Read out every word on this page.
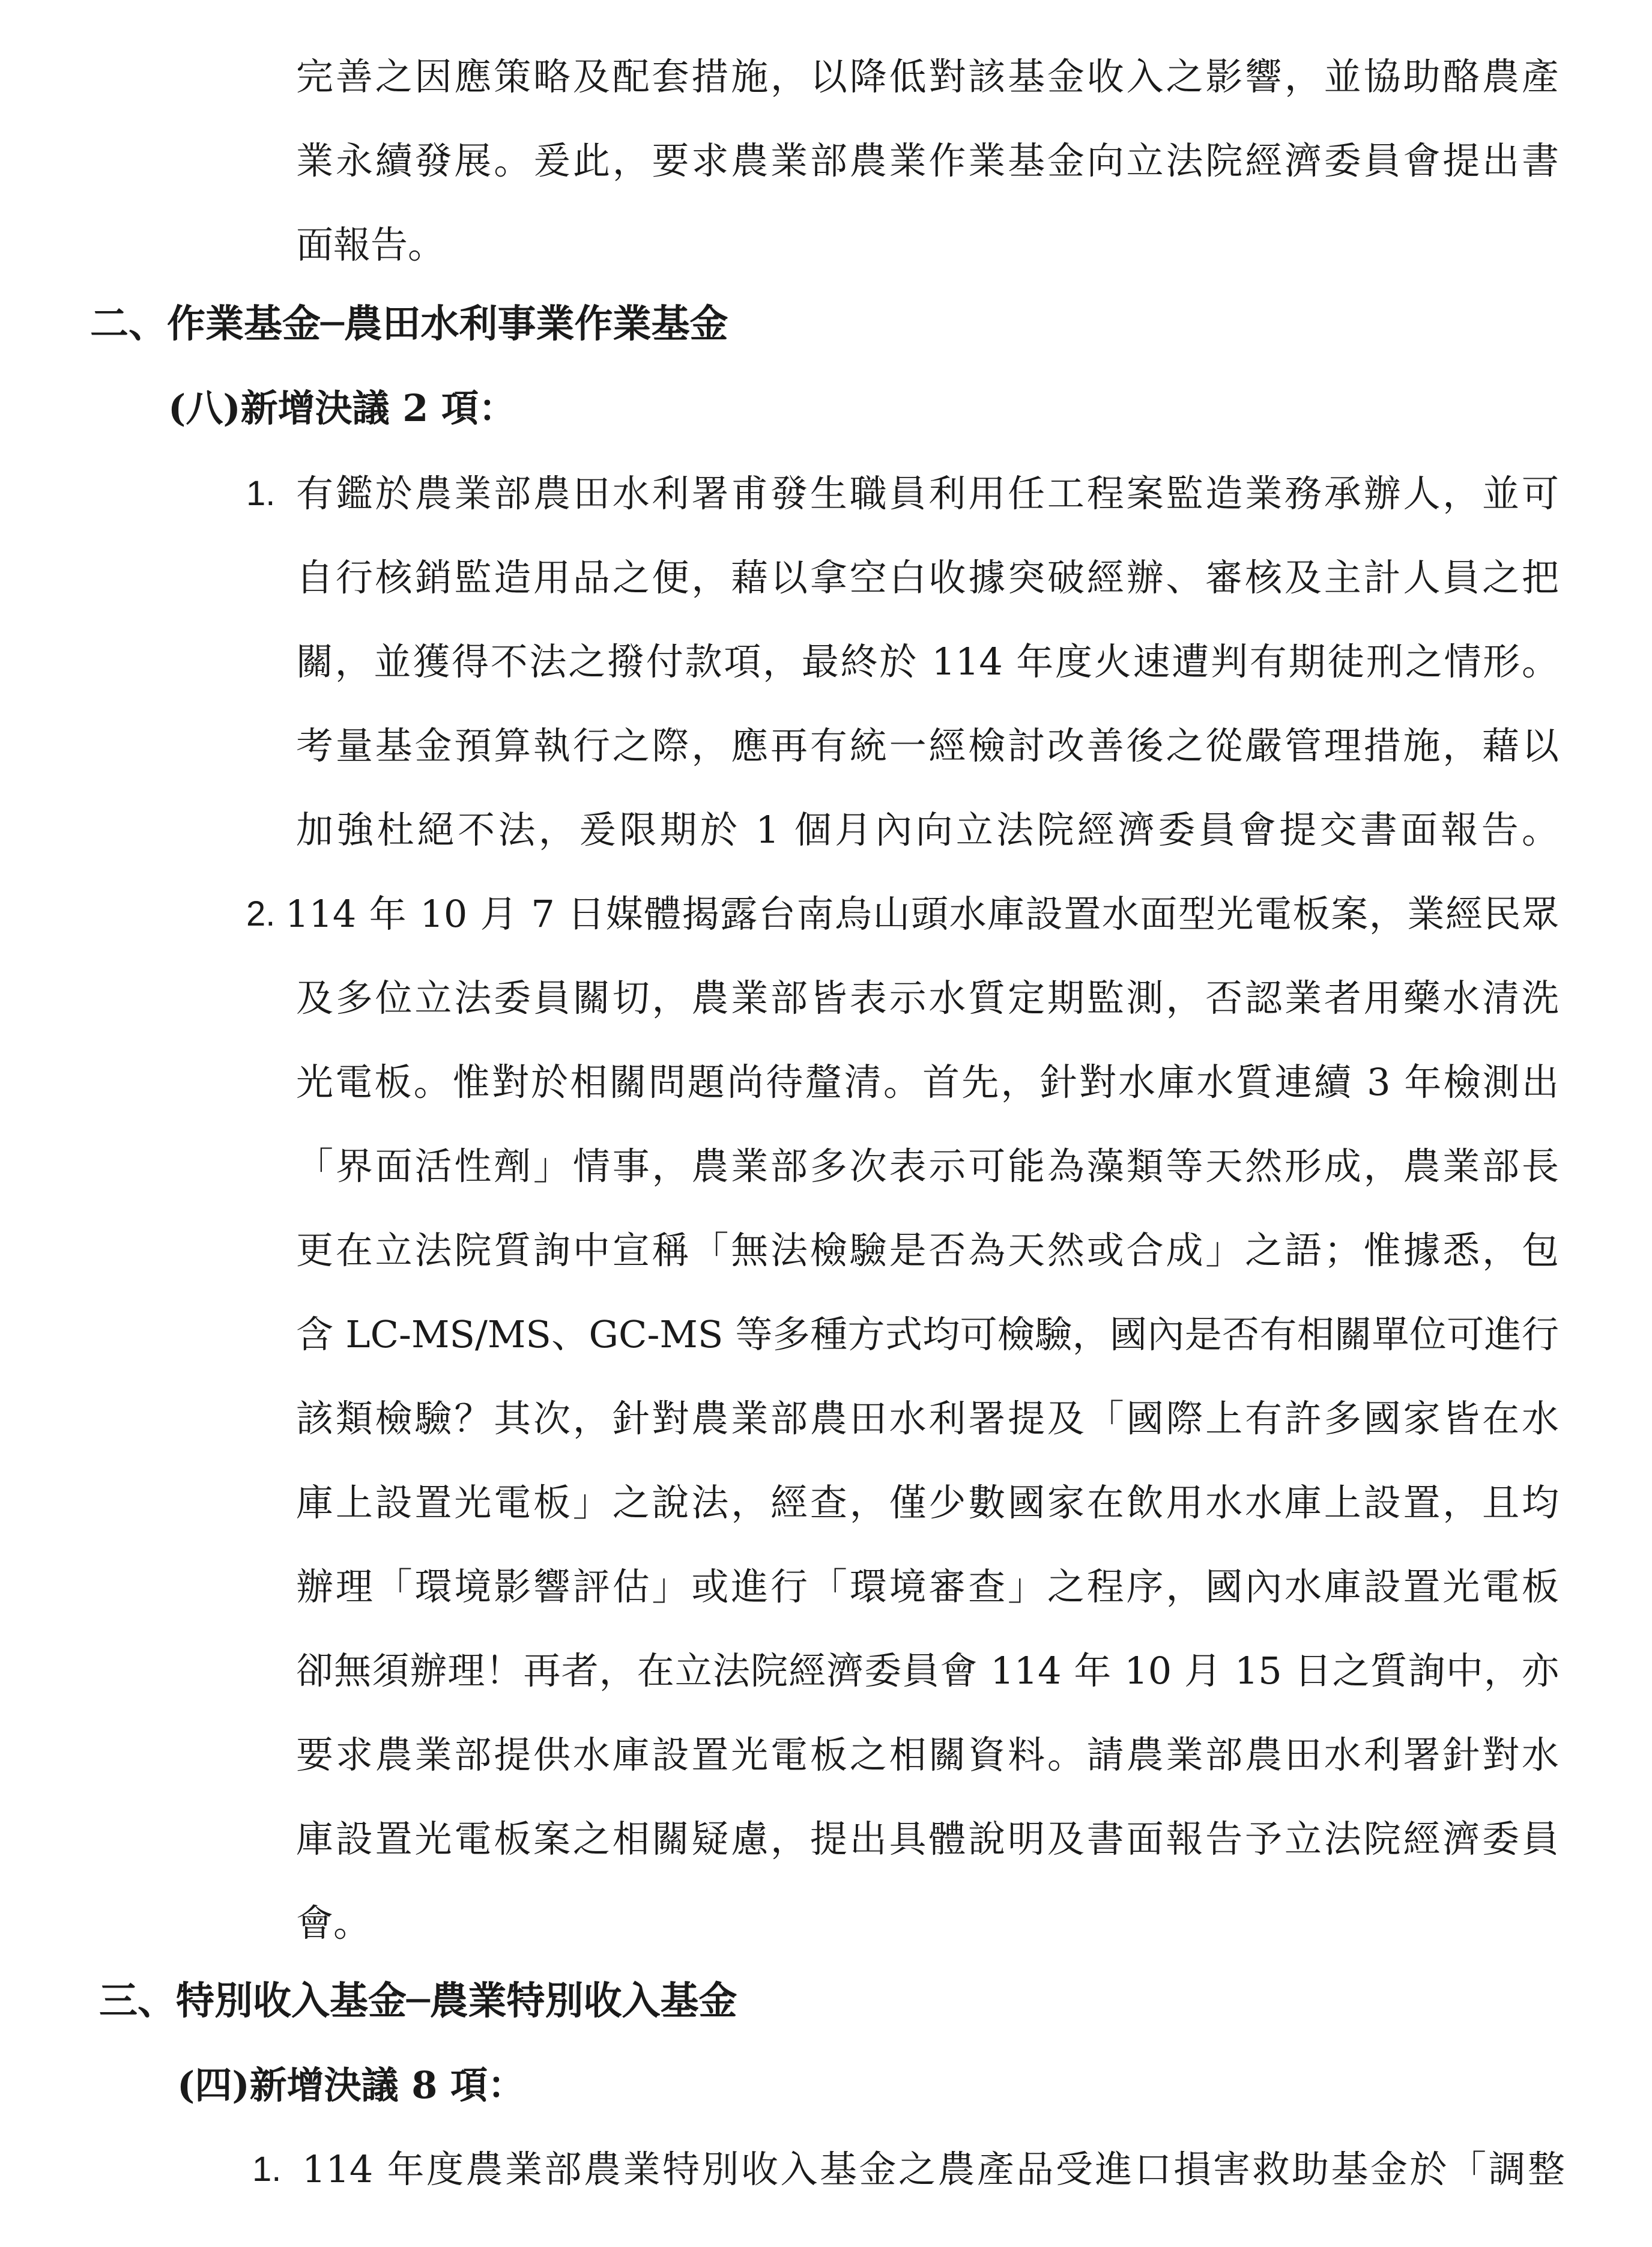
完善之因應策略及配套措施，以降低對該基金收入之影響，並協助酪農產
業永續發展。爰此，要求農業部農業作業基金向立法院經濟委員會提出書
面報告。
二、作業基金─農田水利事業作業基金
(八)新增決議 2 項：
1. 有鑑於農業部農田水利署甫發生職員利用任工程案監造業務承辦人，並可
自行核銷監造用品之便，藉以拿空白收據突破經辦、審核及主計人員之把
關，並獲得不法之撥付款項，最終於 114 年度火速遭判有期徒刑之情形。
考量基金預算執行之際，應再有統一經檢討改善後之從嚴管理措施，藉以
加強杜絕不法，爰限期於 1 個月內向立法院經濟委員會提交書面報告。
2. 114 年 10 月 7 日媒體揭露台南烏山頭水庫設置水面型光電板案，業經民眾
及多位立法委員關切，農業部皆表示水質定期監測，否認業者用藥水清洗
光電板。惟對於相關問題尚待釐清。首先，針對水庫水質連續 3 年檢測出
「界面活性劑」情事，農業部多次表示可能為藻類等天然形成，農業部長
更在立法院質詢中宣稱「無法檢驗是否為天然或合成」之語；惟據悉，包
含 LC-MS/MS、GC-MS 等多種方式均可檢驗，國內是否有相關單位可進行
該類檢驗？其次，針對農業部農田水利署提及「國際上有許多國家皆在水
庫上設置光電板」之說法，經查，僅少數國家在飲用水水庫上設置，且均
辦理「環境影響評估」或進行「環境審查」之程序，國內水庫設置光電板
卻無須辦理！再者，在立法院經濟委員會 114 年 10 月 15 日之質詢中，亦
要求農業部提供水庫設置光電板之相關資料。請農業部農田水利署針對水
庫設置光電板案之相關疑慮，提出具體說明及書面報告予立法院經濟委員
會。
三、特別收入基金─農業特別收入基金
(四)新增決議 8 項：
1. 114 年度農業部農業特別收入基金之農產品受進口損害救助基金於「調整
